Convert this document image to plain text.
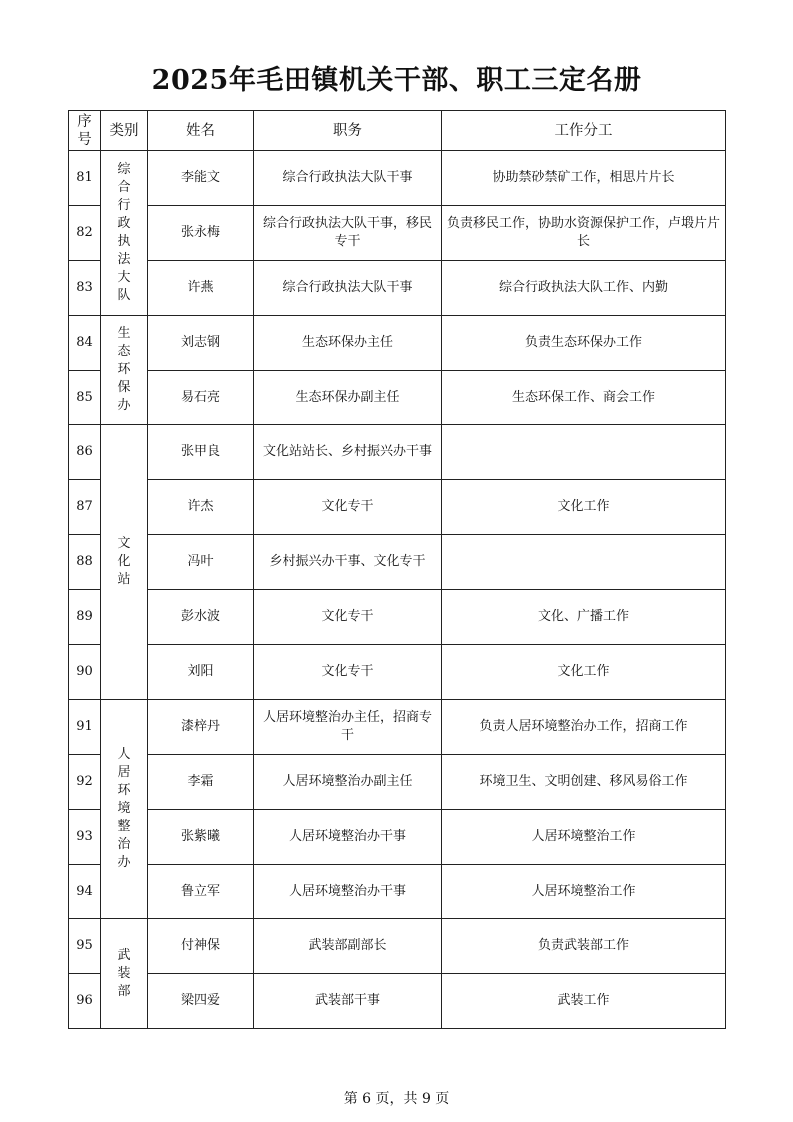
2025年毛田镇机关干部、职工三定名册
序号	类别	姓名	职务	工作分工
81	综合行政执法大队	李能文	综合行政执法大队干事	协助禁砂禁矿工作，相思片片长
82		张永梅	综合行政执法大队干事，移民专干	负责移民工作，协助水资源保护工作，卢塅片片长
83		许燕	综合行政执法大队干事	综合行政执法大队工作、内勤
84	生态环保办	刘志钢	生态环保办主任	负责生态环保办工作
85		易石亮	生态环保办副主任	生态环保工作、商会工作
86	文化站	张甲良	文化站站长、乡村振兴办干事	
87		许杰	文化专干	文化工作
88		冯叶	乡村振兴办干事、文化专干	
89		彭水波	文化专干	文化、广播工作
90		刘阳	文化专干	文化工作
91	人居环境整治办	漆梓丹	人居环境整治办主任，招商专干	负责人居环境整治办工作，招商工作
92		李霜	人居环境整治办副主任	环境卫生、文明创建、移风易俗工作
93		张紫曦	人居环境整治办干事	人居环境整治工作
94		鲁立军	人居环境整治办干事	人居环境整治工作
95	武装部	付神保	武装部副部长	负责武装部工作
96		梁四爱	武装部干事	武装工作
第 6 页，共 9 页
